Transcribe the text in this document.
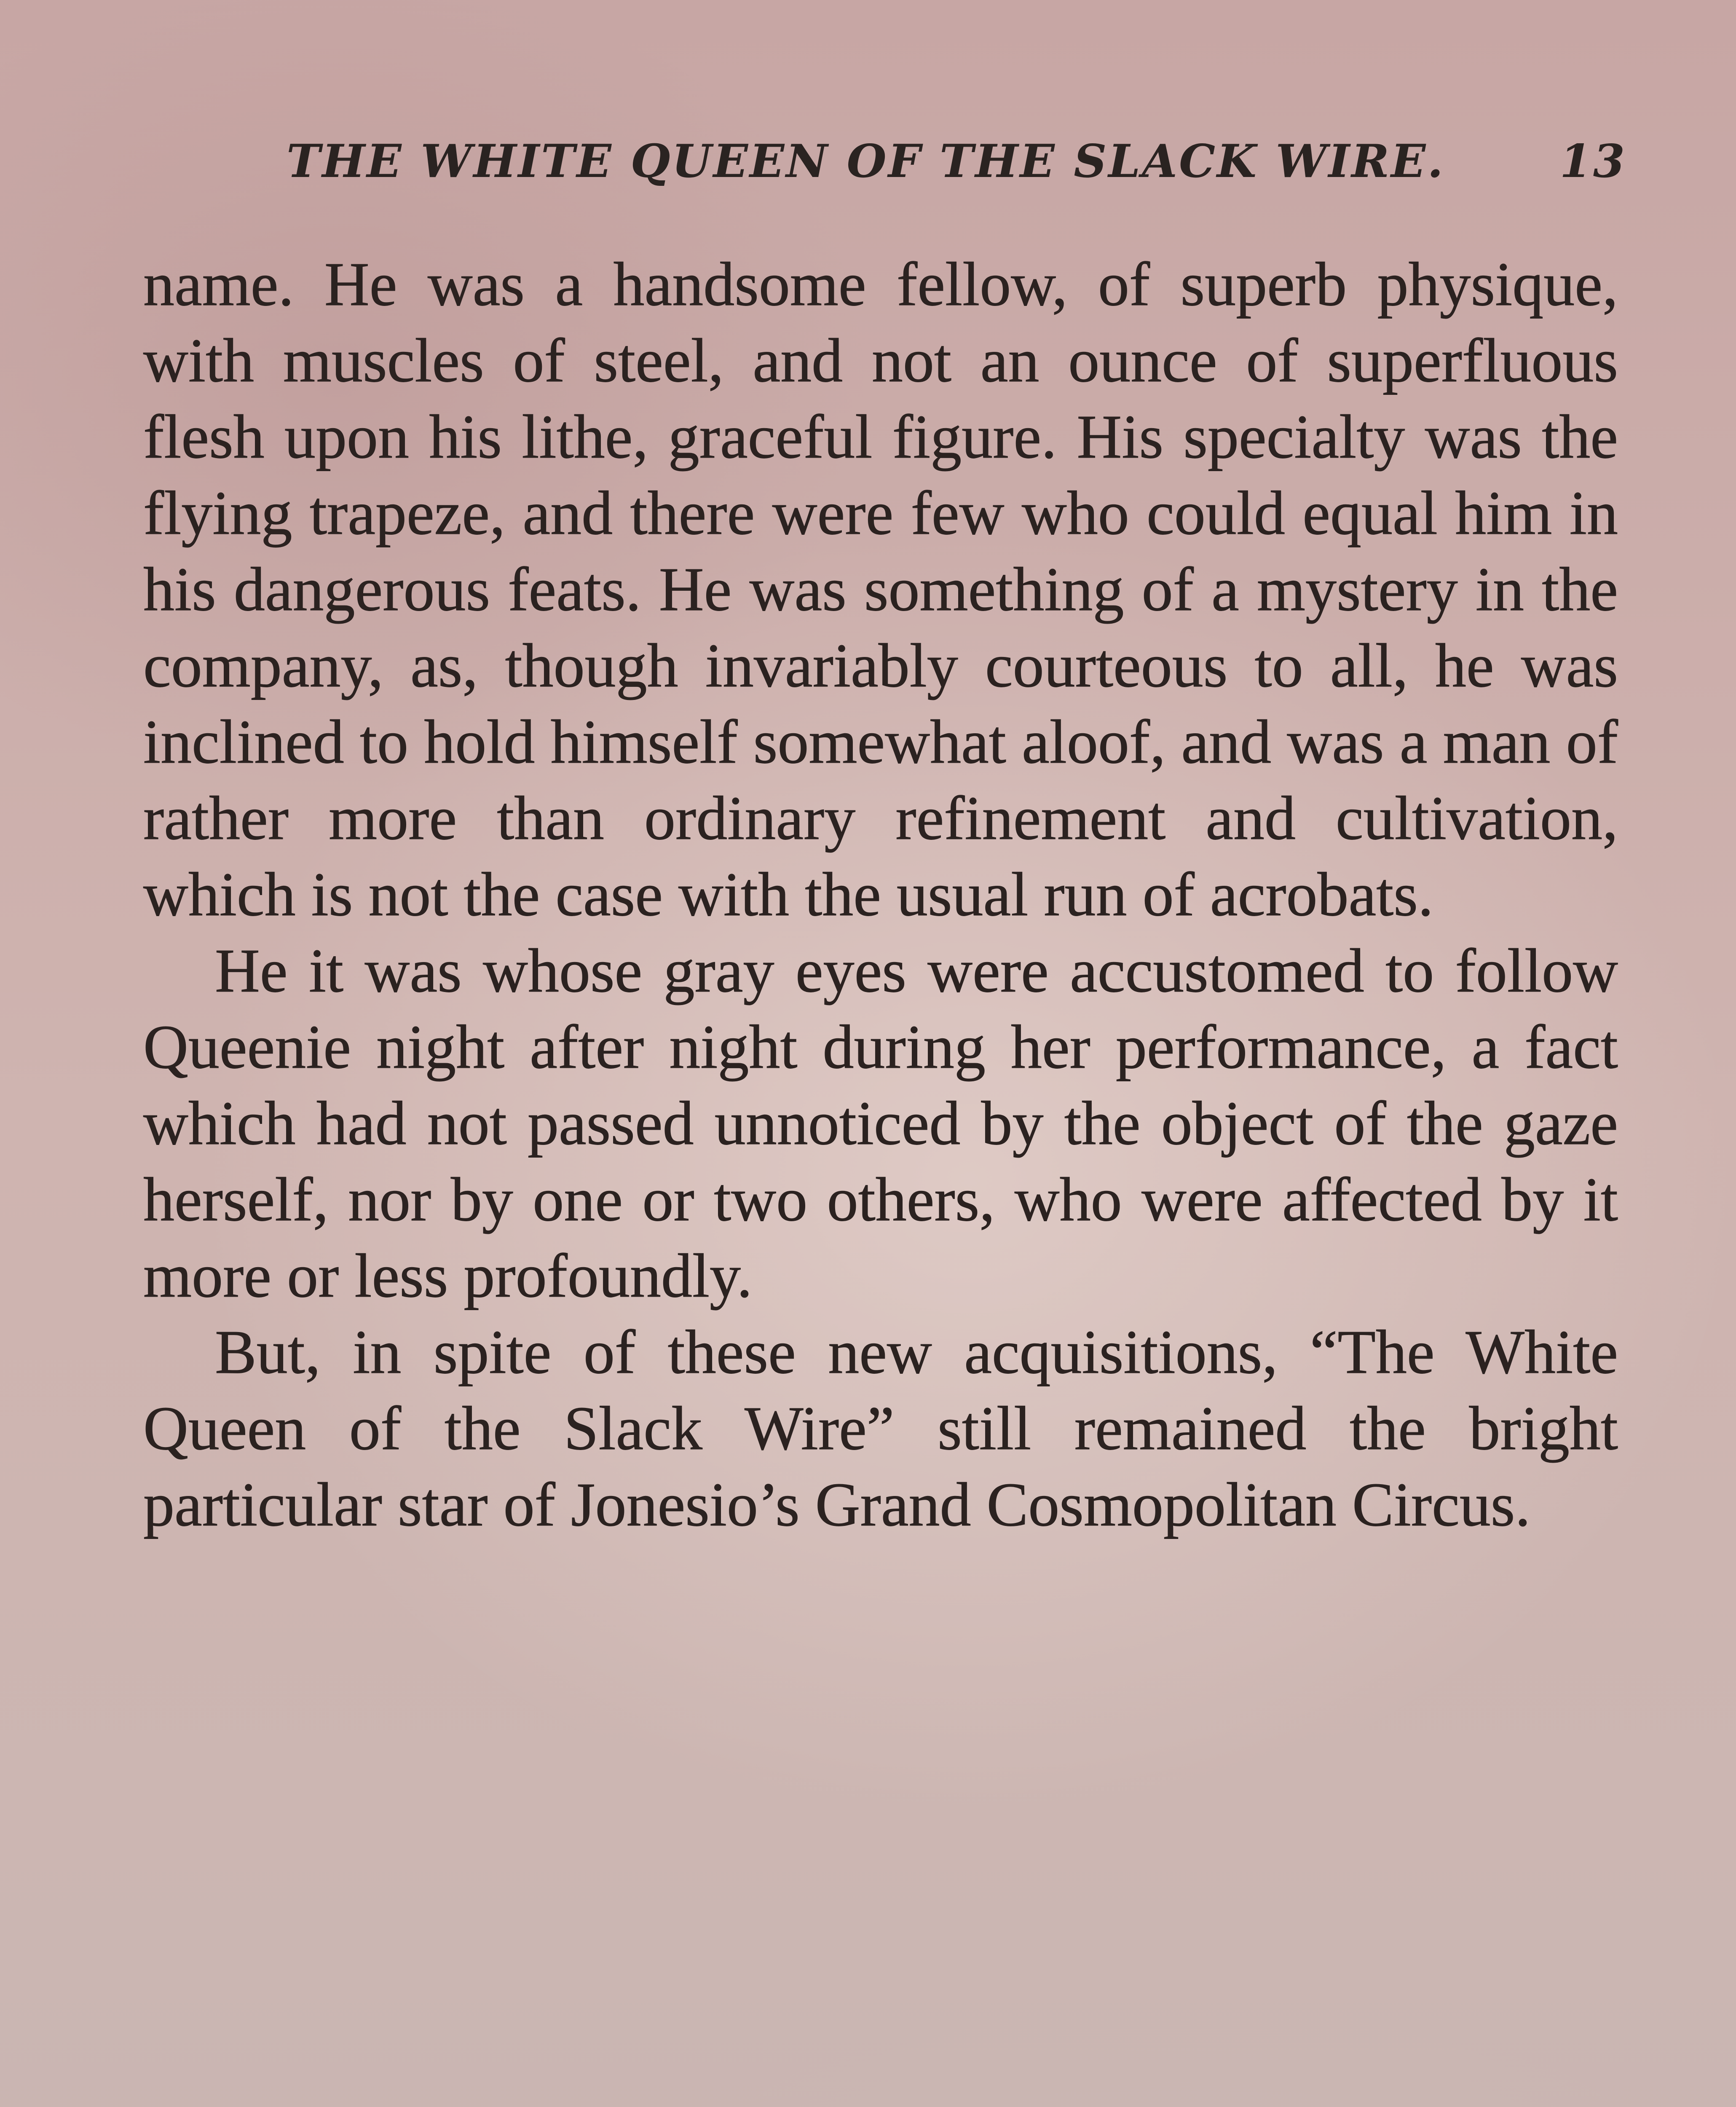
THE WHITE QUEEN OF THE SLACK WIRE.	13

name. He was a handsome fellow, of superb physique, with muscles of steel, and not an ounce of superfluous flesh upon his lithe, graceful figure. His specialty was the flying trapeze, and there were few who could equal him in his dangerous feats. He was something of a mystery in the company, as, though invariably courteous to all, he was inclined to hold himself somewhat aloof, and was a man of rather more than ordinary refinement and cultivation, which is not the case with the usual run of acrobats.

He it was whose gray eyes were accustomed to follow Queenie night after night during her performance, a fact which had not passed unnoticed by the object of the gaze herself, nor by one or two others, who were affected by it more or less profoundly.

But, in spite of these new acquisitions, “The White Queen of the Slack Wire” still remained the bright particular star of Jonesio’s Grand Cosmopolitan Circus.
